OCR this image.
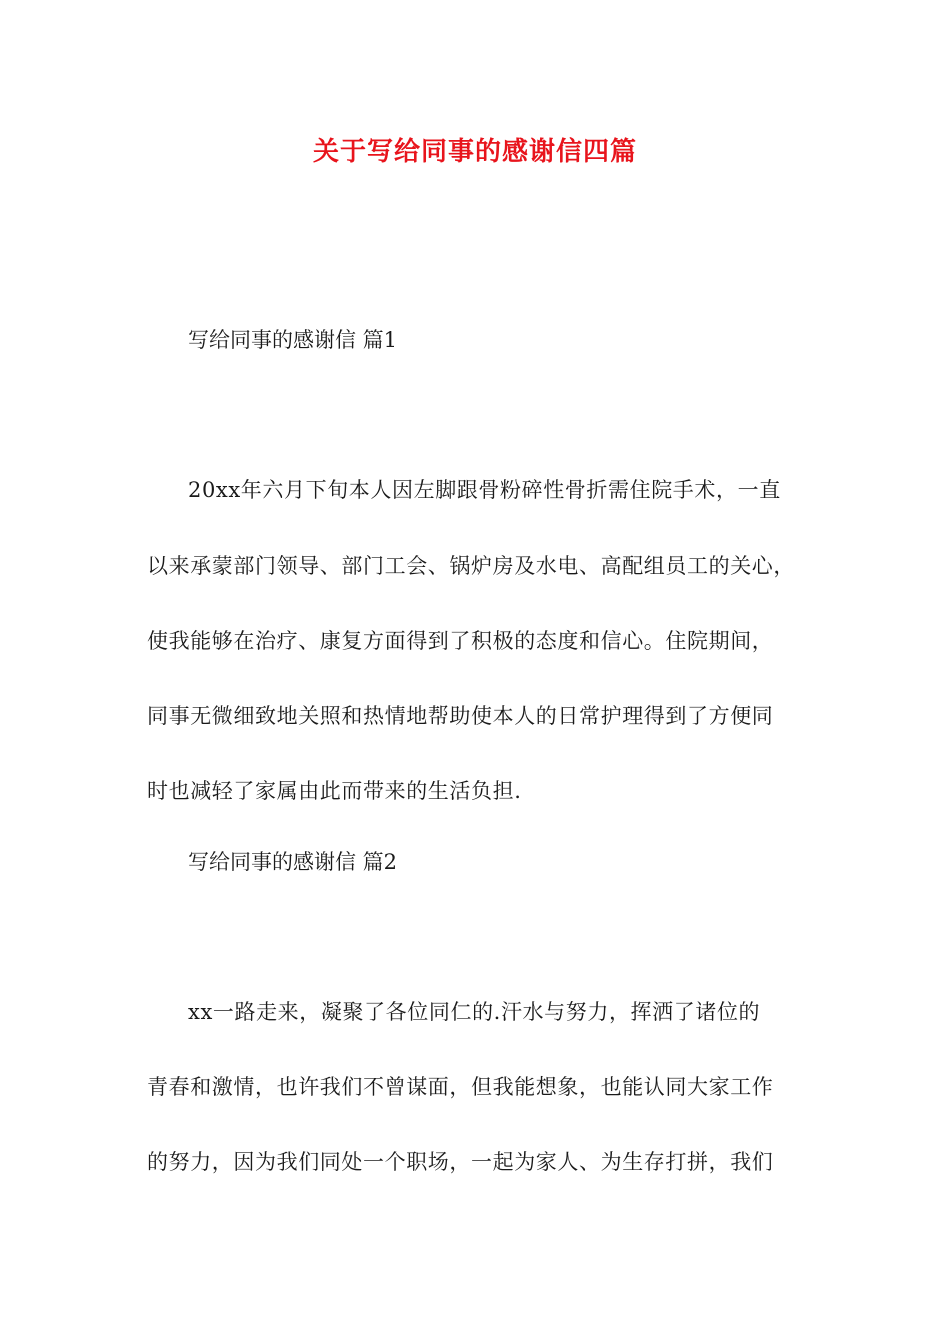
关于写给同事的感谢信四篇

写给同事的感谢信 篇1

20xx年六月下旬本人因左脚跟骨粉碎性骨折需住院手术，一直

以来承蒙部门领导、部门工会、锅炉房及水电、高配组员工的关心，

使我能够在治疗、康复方面得到了积极的态度和信心。住院期间，

同事无微细致地关照和热情地帮助使本人的日常护理得到了方便同

时也减轻了家属由此而带来的生活负担.

写给同事的感谢信 篇2

xx一路走来，凝聚了各位同仁的.汗水与努力，挥洒了诸位的

青春和激情，也许我们不曾谋面，但我能想象，也能认同大家工作

的努力，因为我们同处一个职场，一起为家人、为生存打拼，我们
